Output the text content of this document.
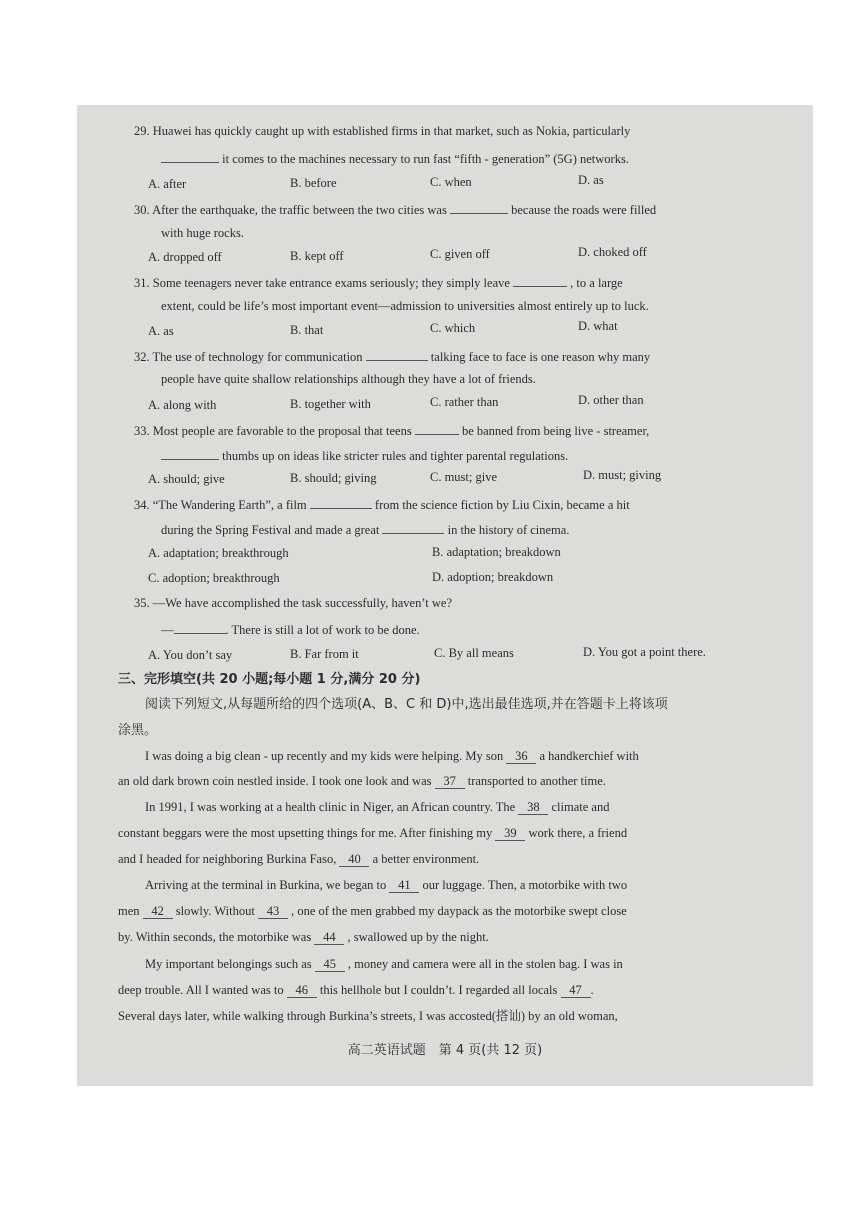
29. Huawei has quickly caught up with established firms in that market, such as Nokia, particularly
it comes to the machines necessary to run fast “fifth - generation” (5G) networks.
A. after	B. before	C. when	D. as
30. After the earthquake, the traffic between the two cities was	because the roads were filled
with huge rocks.
A. dropped off	B. kept off	C. given off	D. choked off
31. Some teenagers never take entrance exams seriously; they simply leave	, to a large
extent, could be life’s most important event—admission to universities almost entirely up to luck.
A. as	B. that	C. which	D. what
32. The use of technology for communication	talking face to face is one reason why many
people have quite shallow relationships although they have a lot of friends.
A. along with	B. together with	C. rather than	D. other than
33. Most people are favorable to the proposal that teens	be banned from being live - streamer,
thumbs up on ideas like stricter rules and tighter parental regulations.
A. should; give	B. should; giving	C. must; give	D. must; giving
34. “The Wandering Earth”, a film	from the science fiction by Liu Cixin, became a hit
during the Spring Festival and made a great	in the history of cinema.
A. adaptation; breakthrough	B. adaptation; breakdown
C. adoption; breakthrough	D. adoption; breakdown
35. —We have accomplished the task successfully, haven’t we?
—	. There is still a lot of work to be done.
A. You don’t say	B. Far from it	C. By all means	D. You got a point there.
三、完形填空(共 20 小题;每小题 1 分,满分 20 分)
阅读下列短文,从每题所给的四个选项(A、B、C 和 D)中,选出最佳选项,并在答题卡上将该项
涂黑。
I was doing a big clean - up recently and my kids were helping. My son 36 a handkerchief with
an old dark brown coin nestled inside. I took one look and was 37 transported to another time.
In 1991, I was working at a health clinic in Niger, an African country. The 38 climate and
constant beggars were the most upsetting things for me. After finishing my 39 work there, a friend
and I headed for neighboring Burkina Faso, 40 a better environment.
Arriving at the terminal in Burkina, we began to 41 our luggage. Then, a motorbike with two
men 42 slowly. Without 43 , one of the men grabbed my daypack as the motorbike swept close
by. Within seconds, the motorbike was 44 , swallowed up by the night.
My important belongings such as 45 , money and camera were all in the stolen bag. I was in
deep trouble. All I wanted was to 46 this hellhole but I couldn’t. I regarded all locals 47 .
Several days later, while walking through Burkina’s streets, I was accosted(搭讪) by an old woman,
高二英语试题　第 4 页(共 12 页)
